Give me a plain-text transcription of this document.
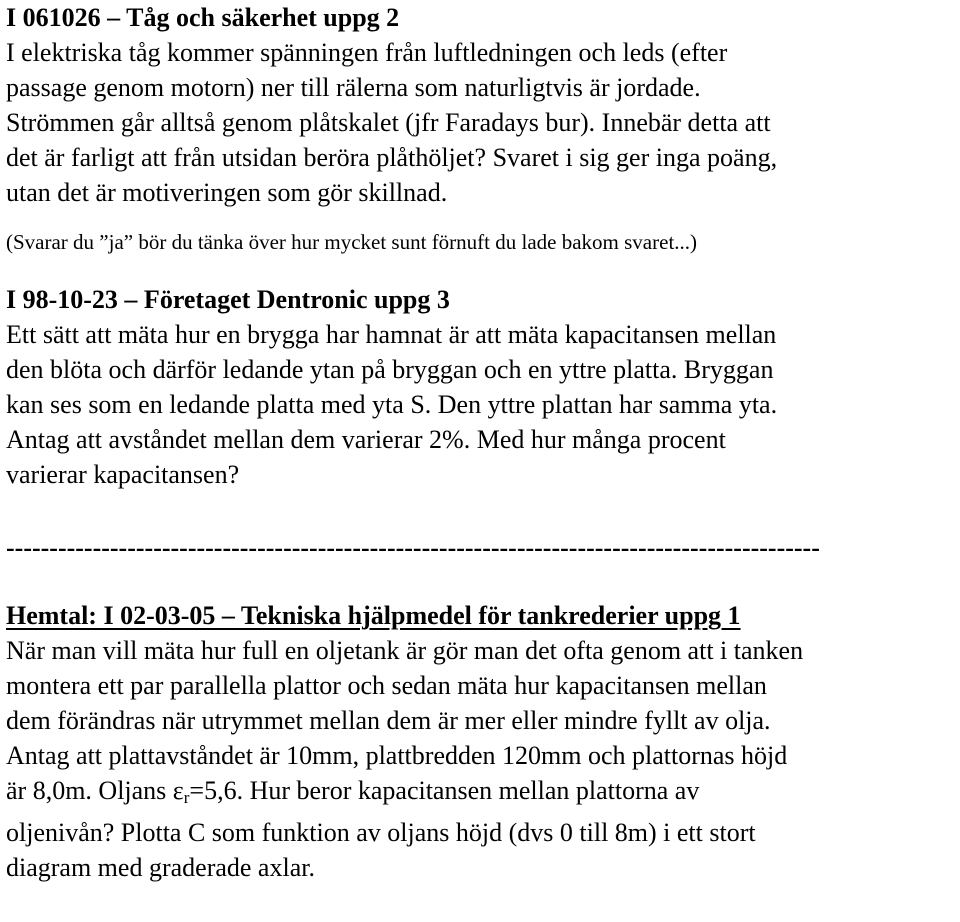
I 061026 – Tåg och säkerhet uppg 2

I elektriska tåg kommer spänningen från luftledningen och leds (efter

passage genom motorn) ner till rälerna som naturligtvis är jordade.

Strömmen går alltså genom plåtskalet (jfr Faradays bur). Innebär detta att

det är farligt att från utsidan beröra plåthöljet? Svaret i sig ger inga poäng,

utan det är motiveringen som gör skillnad.

(Svarar du ”ja” bör du tänka över hur mycket sunt förnuft du lade bakom svaret...)

I 98-10-23 – Företaget Dentronic uppg 3

Ett sätt att mäta hur en brygga har hamnat är att mäta kapacitansen mellan

den blöta och därför ledande ytan på bryggan och en yttre platta. Bryggan

kan ses som en ledande platta med yta S. Den yttre plattan har samma yta.

Antag att avståndet mellan dem varierar 2%. Med hur många procent

varierar kapacitansen?

----------------------------------------------------------------------------------------------

Hemtal: I 02-03-05 – Tekniska hjälpmedel för tankrederier uppg 1

När man vill mäta hur full en oljetank är gör man det ofta genom att i tanken

montera ett par parallella plattor och sedan mäta hur kapacitansen mellan

dem förändras när utrymmet mellan dem är mer eller mindre fyllt av olja.

Antag att plattavståndet är 10mm, plattbredden 120mm och plattornas höjd

är 8,0m. Oljans $\varepsilon_r=5,6$. Hur beror kapacitansen mellan plattorna av

oljenivån? Plotta C som funktion av oljans höjd (dvs 0 till 8m) i ett stort

diagram med graderade axlar.
